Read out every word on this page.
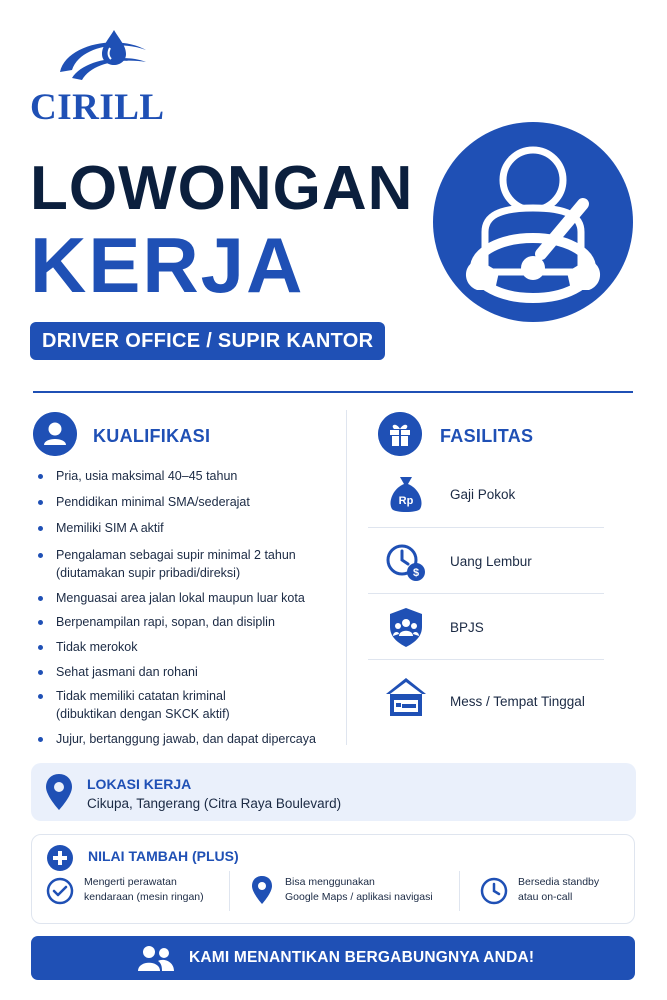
CIRILL
LOWONGAN
KERJA
DRIVER OFFICE / SUPIR KANTOR
KUALIFIKASI
Pria, usia maksimal 40–45 tahun
Pendidikan minimal SMA/sederajat
Memiliki SIM A aktif
Pengalaman sebagai supir minimal 2 tahun
(diutamakan supir pribadi/direksi)
Menguasai area jalan lokal maupun luar kota
Berpenampilan rapi, sopan, dan disiplin
Tidak merokok
Sehat jasmani dan rohani
Tidak memiliki catatan kriminal
(dibuktikan dengan SKCK aktif)
Jujur, bertanggung jawab, dan dapat dipercaya
FASILITAS
Rp	Gaji Pokok
$
Uang Lembur
BPJS
Mess / Tempat Tinggal
LOKASI KERJA
Cikupa, Tangerang (Citra Raya Boulevard)
NILAI TAMBAH (PLUS)
Mengerti perawatan
kendaraan (mesin ringan)
Bisa menggunakan
Google Maps / aplikasi navigasi
Bersedia standby
atau on-call
KAMI MENANTIKAN BERGABUNGNYA ANDA!
